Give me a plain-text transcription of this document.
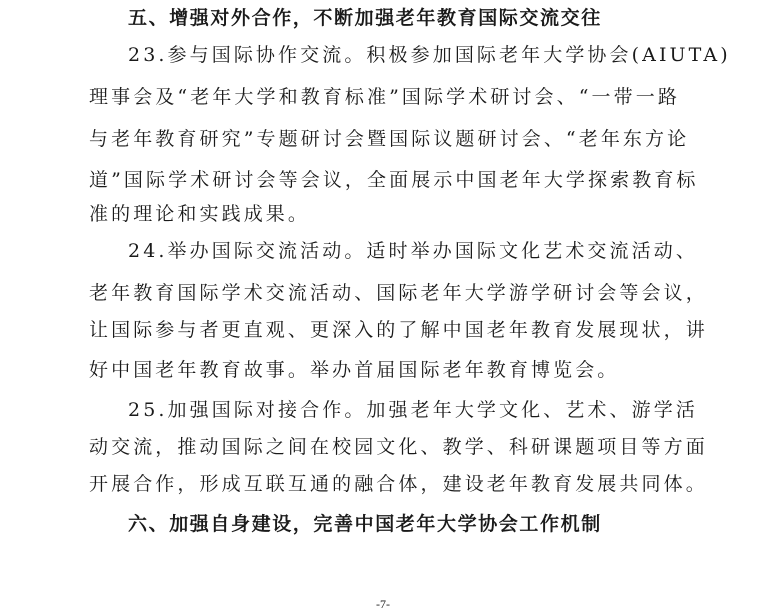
五、增强对外合作，不断加强老年教育国际交流交往
23.参与国际协作交流。积极参加国际老年大学协会(AIUTA)
理事会及“老年大学和教育标准”国际学术研讨会、“一带一路
与老年教育研究”专题研讨会暨国际议题研讨会、“老年东方论
道”国际学术研讨会等会议，全面展示中国老年大学探索教育标
准的理论和实践成果。
24.举办国际交流活动。适时举办国际文化艺术交流活动、
老年教育国际学术交流活动、国际老年大学游学研讨会等会议，
让国际参与者更直观、更深入的了解中国老年教育发展现状，讲
好中国老年教育故事。举办首届国际老年教育博览会。
25.加强国际对接合作。加强老年大学文化、艺术、游学活
动交流，推动国际之间在校园文化、教学、科研课题项目等方面
开展合作，形成互联互通的融合体，建设老年教育发展共同体。
六、加强自身建设，完善中国老年大学协会工作机制
-7-
